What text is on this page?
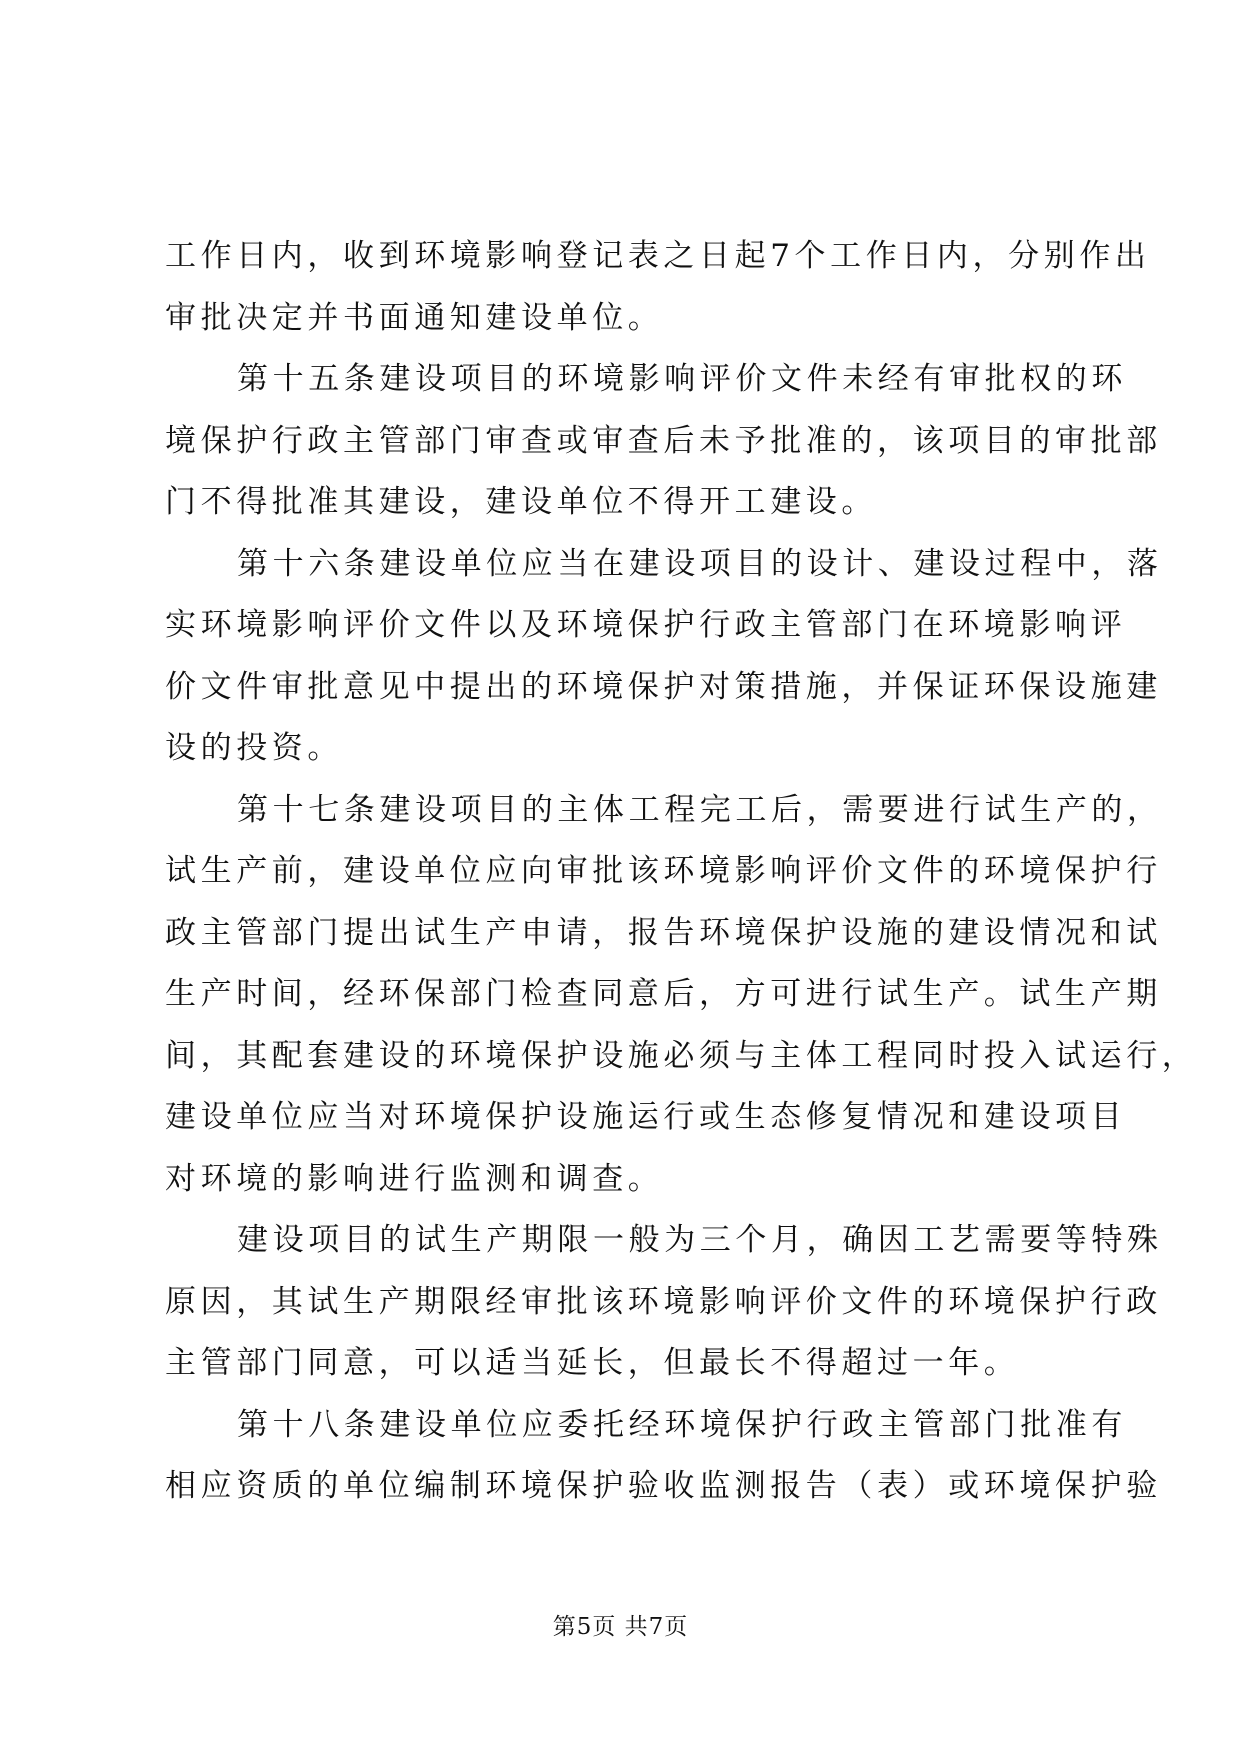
工作日内，收到环境影响登记表之日起7个工作日内，分别作出
审批决定并书面通知建设单位。
第十五条建设项目的环境影响评价文件未经有审批权的环
境保护行政主管部门审查或审查后未予批准的，该项目的审批部
门不得批准其建设，建设单位不得开工建设。
第十六条建设单位应当在建设项目的设计、建设过程中，落
实环境影响评价文件以及环境保护行政主管部门在环境影响评
价文件审批意见中提出的环境保护对策措施，并保证环保设施建
设的投资。
第十七条建设项目的主体工程完工后，需要进行试生产的，
试生产前，建设单位应向审批该环境影响评价文件的环境保护行
政主管部门提出试生产申请，报告环境保护设施的建设情况和试
生产时间，经环保部门检查同意后，方可进行试生产。试生产期
间，其配套建设的环境保护设施必须与主体工程同时投入试运行，
建设单位应当对环境保护设施运行或生态修复情况和建设项目
对环境的影响进行监测和调查。
建设项目的试生产期限一般为三个月，确因工艺需要等特殊
原因，其试生产期限经审批该环境影响评价文件的环境保护行政
主管部门同意，可以适当延长，但最长不得超过一年。
第十八条建设单位应委托经环境保护行政主管部门批准有
相应资质的单位编制环境保护验收监测报告（表）或环境保护验
第5页 共7页
